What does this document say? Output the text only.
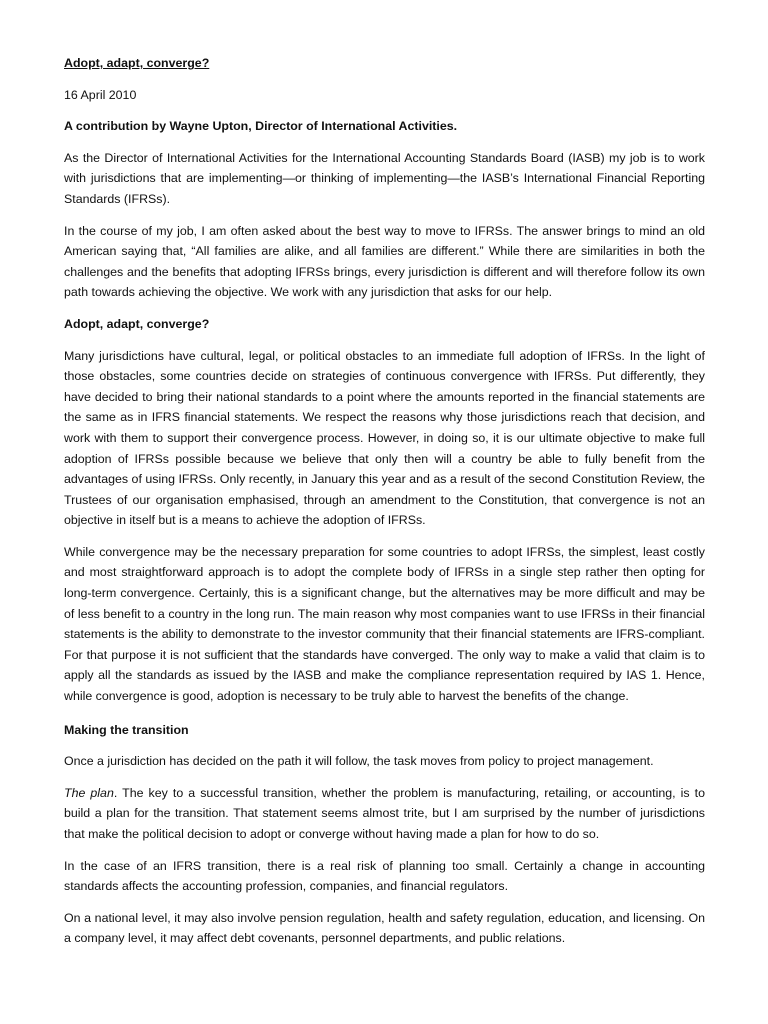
Adopt, adapt, converge?

16 April 2010

A contribution by Wayne Upton, Director of International Activities.

As the Director of International Activities for the International Accounting Standards Board (IASB) my job is to work with jurisdictions that are implementing—or thinking of implementing—the IASB’s International Financial Reporting Standards (IFRSs).

In the course of my job, I am often asked about the best way to move to IFRSs. The answer brings to mind an old American saying that, “All families are alike, and all families are different.” While there are similarities in both the challenges and the benefits that adopting IFRSs brings, every jurisdiction is different and will therefore follow its own path towards achieving the objective. We work with any jurisdiction that asks for our help.

Adopt, adapt, converge?

Many jurisdictions have cultural, legal, or political obstacles to an immediate full adoption of IFRSs. In the light of those obstacles, some countries decide on strategies of continuous convergence with IFRSs. Put differently, they have decided to bring their national standards to a point where the amounts reported in the financial statements are the same as in IFRS financial statements. We respect the reasons why those jurisdictions reach that decision, and work with them to support their convergence process. However, in doing so, it is our ultimate objective to make full adoption of IFRSs possible because we believe that only then will a country be able to fully benefit from the advantages of using IFRSs. Only recently, in January this year and as a result of the second Constitution Review, the Trustees of our organisation emphasised, through an amendment to the Constitution, that convergence is not an objective in itself but is a means to achieve the adoption of IFRSs.

While convergence may be the necessary preparation for some countries to adopt IFRSs, the simplest, least costly and most straightforward approach is to adopt the complete body of IFRSs in a single step rather then opting for long-term convergence. Certainly, this is a significant change, but the alternatives may be more difficult and may be of less benefit to a country in the long run. The main reason why most companies want to use IFRSs in their financial statements is the ability to demonstrate to the investor community that their financial statements are IFRS-compliant. For that purpose it is not sufficient that the standards have converged. The only way to make a valid that claim is to apply all the standards as issued by the IASB and make the compliance representation required by IAS 1. Hence, while convergence is good, adoption is necessary to be truly able to harvest the benefits of the change.

Making the transition

Once a jurisdiction has decided on the path it will follow, the task moves from policy to project management.

The plan. The key to a successful transition, whether the problem is manufacturing, retailing, or accounting, is to build a plan for the transition. That statement seems almost trite, but I am surprised by the number of jurisdictions that make the political decision to adopt or converge without having made a plan for how to do so.

In the case of an IFRS transition, there is a real risk of planning too small. Certainly a change in accounting standards affects the accounting profession, companies, and financial regulators.

On a national level, it may also involve pension regulation, health and safety regulation, education, and licensing. On a company level, it may affect debt covenants, personnel departments, and public relations.
